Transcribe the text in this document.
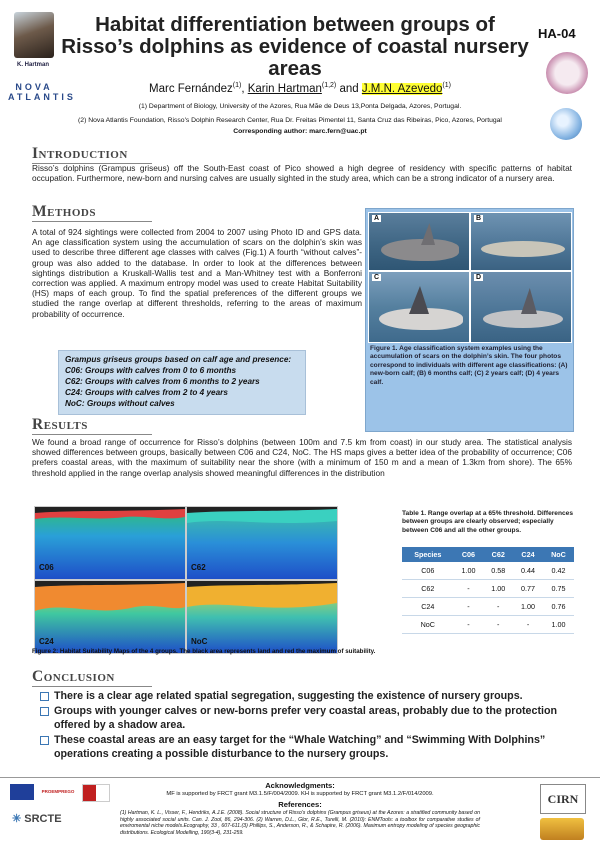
K. Hartman
NOVA ATLANTIS
Habitat differentiation between groups of Risso’s dolphins as evidence of coastal nursery areas
HA-04
Marc Fernández$^{(1)}$, Karin Hartman$^{(1,2)}$ and J.M.N. Azevedo$^{(1)}$
(1) Department of Biology, University of the Azores, Rua Mãe de Deus 13,Ponta Delgada, Azores, Portugal.
(2) Nova Atlantis Foundation, Risso's Dolphin Research Center, Rua Dr. Freitas Pimentel 11, Santa Cruz das Ribeiras, Pico, Azores, Portugal
Corresponding author: marc.fern@uac.pt
Introduction
Risso’s dolphins (Grampus griseus) off the South-East coast of Pico showed a high degree of residency with specific patterns of habitat occupation. Furthermore, new-born and nursing calves are usually sighted in the study area, which can be a strong indicator of a nursery area.
Methods
A total of 924 sightings were collected from 2004 to 2007 using Photo ID and GPS data. An age classification system using the accumulation of scars on the dolphin’s skin was used to describe three different age classes with calves (Fig.1) A fourth “without calves”-group was also added to the database. In order to look at the differences between sightings distribution a Kruskall-Wallis test and a Man-Whitney test with a Bonferroni correction was applied. A maximum entropy model was used to create Habitat Suitability (HS) maps of each group. To find the spatial preferences of the different groups we studied the range overlap at different thresholds, referring to the areas of maximum probability of occurrence.
Grampus griseus groups based on calf age and presence:
C06: Groups with calves from 0 to 6 months
C62: Groups with calves from 6 months to 2 years
C24: Groups with calves from 2 to 4 years
NoC: Groups without calves
A	B
C	D
Figure 1. Age classification system examples using the accumulation of scars on the dolphin’s skin. The four photos correspond to individuals with different age classifications: (A) new-born calf; (B) 6 months calf; (C) 2 years calf; (D) 4 years calf.
Results
We found a broad range of occurrence for Risso’s dolphins (between 100m and 7.5 km from coast) in our study area. The statistical analysis showed differences between groups, basically between C06 and C24, NoC. The HS maps gives a better idea of the probability of occurrence; C06 prefers coastal areas, with the maximum of suitability near the shore (with a minimum of 150 m and a mean of 1.3km from shore). The 65% threshold applied in the range overlap analysis showed meaningful differences in the distribution
C06	C62
C24	NoC
Figure 2: Habitat Suitability Maps of the 4 groups. The black area represents land and red the maximum of suitability.
Table 1. Range overlap at a 65% threshold. Differences between groups are clearly observed; especially between C06 and all the other groups.
Species	C06	C62	C24	NoC
C06	1.00	0.58	0.44	0.42
C62	-	1.00	0.77	0.75
C24	-	-	1.00	0.76
NoC	-	-	-	1.00
Conclusion
There is a clear age related spatial segregation, suggesting the existence of nursery groups.
Groups with younger calves or new-borns prefer very coastal areas, probably due to the protection offered by a shadow area.
These coastal areas are an easy target for the “Whale Watching” and “Swimming With Dolphins” operations creating a possible disturbance to the nursery groups.
PROEMPREGO
✳ SRCTE
Acknowledgments:
MF is supported by FRCT grant M3.1.5/F/004/2009. KH is supported by FRCT grant M3.1.2/F/014/2009.
References:
(1) Hartman, K. L., Visser, F., Hendriks, A.J.E. (2008). Social structure of Risso’s dolphins (Grampus griseus) at the Azores: a stratified community based on highly associated social units. Can. J. Zool, 86, 294-306. (2) Warren, D.L., Glor, R.E., Turelli, M. (2010): ENMTools: a toolbox for comparative studies of enviromental niche models.Ecography, 33 , 607-611.(3) Phillips, S., Anderson, R., & Schapire, R. (2006). Maximum entropy modeling of species geographic distributions. Ecological Modelling, 190(3-4), 231-259.
CIRN
